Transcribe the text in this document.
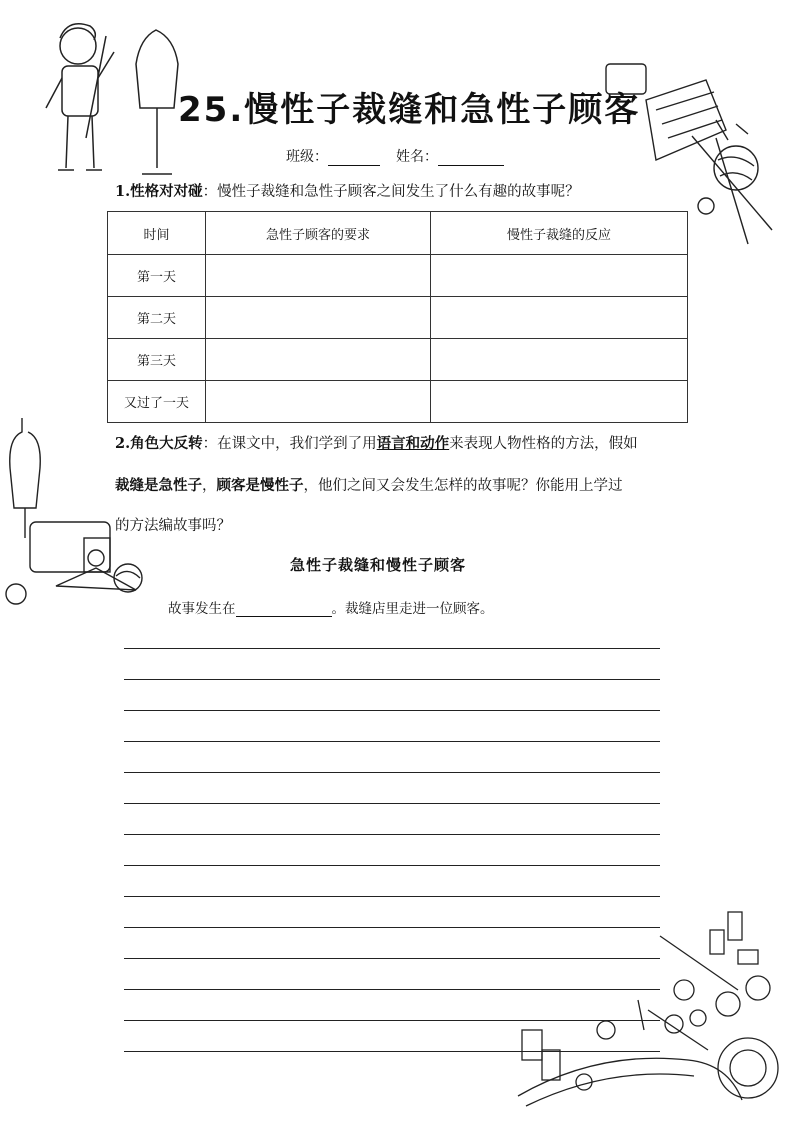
25.慢性子裁缝和急性子顾客
班级：	姓名：
1.性格对对碰：慢性子裁缝和急性子顾客之间发生了什么有趣的故事呢？
时间	急性子顾客的要求	慢性子裁缝的反应
第一天		
第二天		
第三天		
又过了一天		
2.角色大反转：在课文中，我们学到了用语言和动作来表现人物性格的方法，假如
裁缝是急性子，顾客是慢性子，他们之间又会发生怎样的故事呢？你能用上学过
的方法编故事吗？
急性子裁缝和慢性子顾客
故事发生在	。裁缝店里走进一位顾客。
